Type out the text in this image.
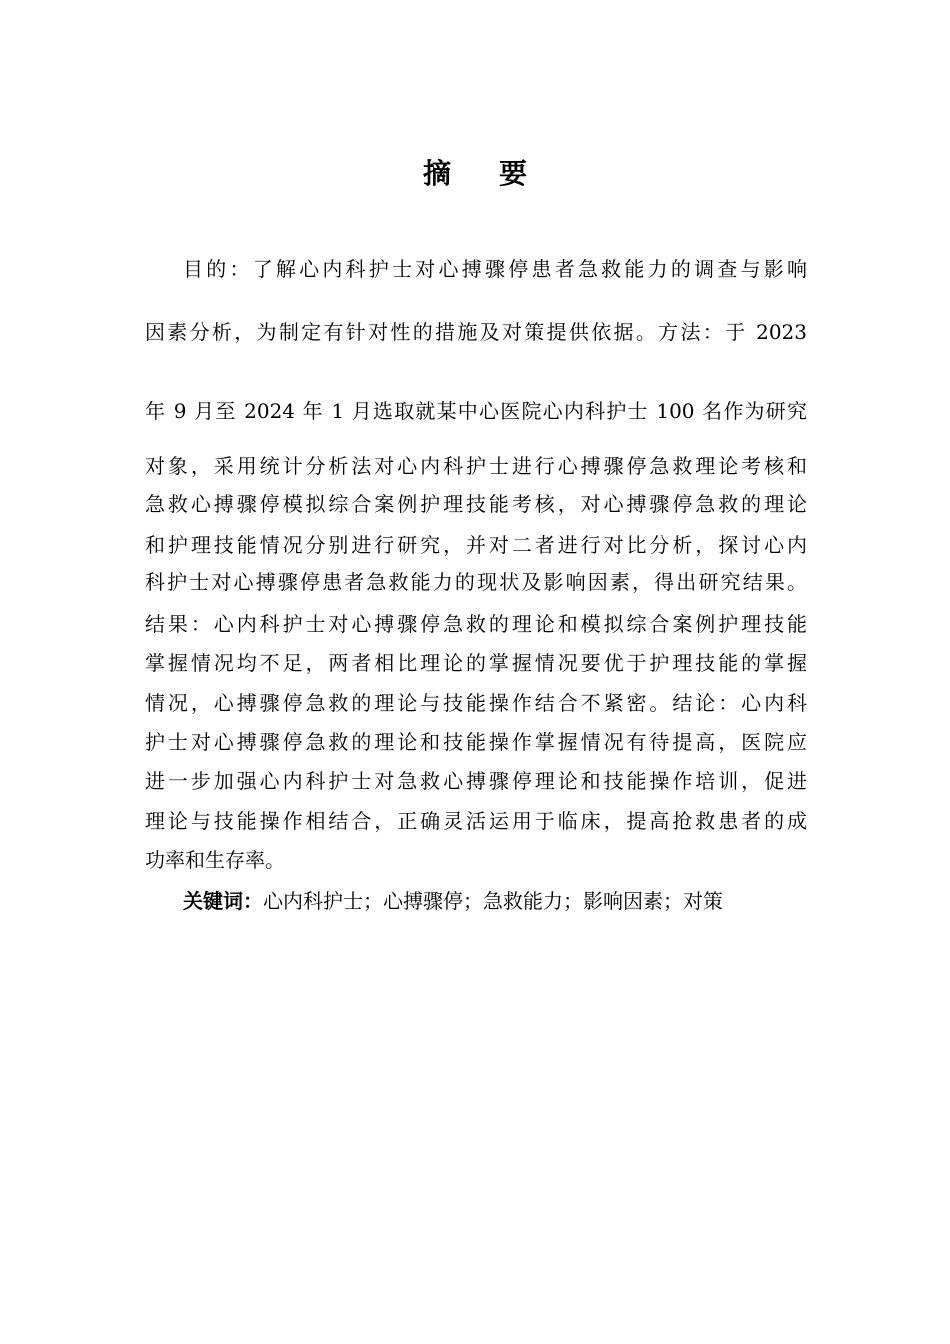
摘 要
目的：了解心内科护士对心搏骤停患者急救能力的调查与影响
因素分析，为制定有针对性的措施及对策提供依据。方法：于 2023
年 9 月至 2024 年 1 月选取就某中心医院心内科护士 100 名作为研究
对象，采用统计分析法对心内科护士进行心搏骤停急救理论考核和
急救心搏骤停模拟综合案例护理技能考核，对心搏骤停急救的理论
和护理技能情况分别进行研究，并对二者进行对比分析，探讨心内
科护士对心搏骤停患者急救能力的现状及影响因素，得出研究结果。
结果：心内科护士对心搏骤停急救的理论和模拟综合案例护理技能
掌握情况均不足，两者相比理论的掌握情况要优于护理技能的掌握
情况，心搏骤停急救的理论与技能操作结合不紧密。结论：心内科
护士对心搏骤停急救的理论和技能操作掌握情况有待提高，医院应
进一步加强心内科护士对急救心搏骤停理论和技能操作培训，促进
理论与技能操作相结合，正确灵活运用于临床，提高抢救患者的成
功率和生存率。
关键词：心内科护士；心搏骤停；急救能力；影响因素；对策
